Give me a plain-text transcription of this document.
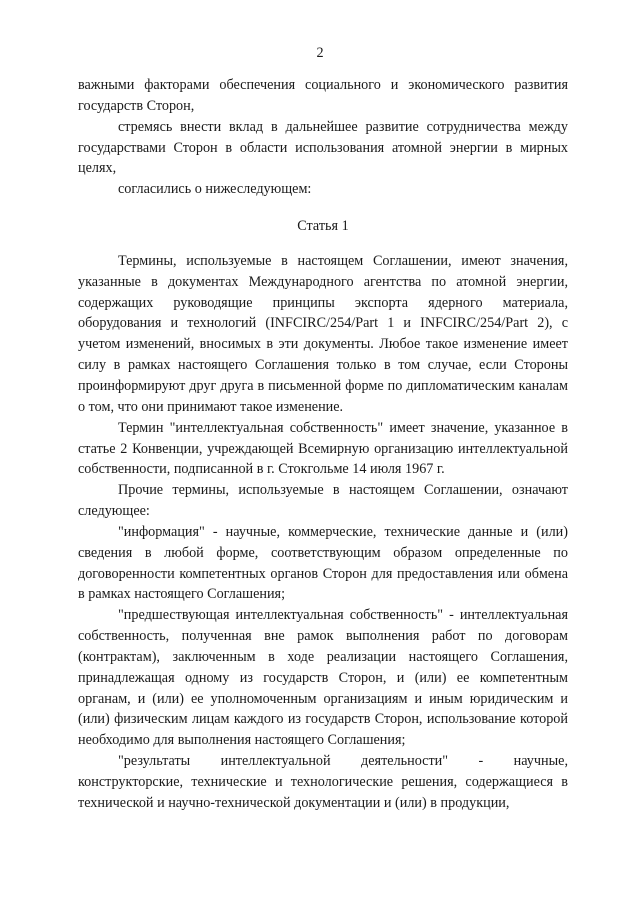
2

важными факторами обеспечения социального и экономического развития государств Сторон,

стремясь внести вклад в дальнейшее развитие сотрудничества между государствами Сторон в области использования атомной энергии в мирных целях,

согласились о нижеследующем:

Статья 1

Термины, используемые в настоящем Соглашении, имеют значения, указанные в документах Международного агентства по атомной энергии, содержащих руководящие принципы экспорта ядерного материала, оборудования и технологий (INFCIRC/254/Part 1 и INFCIRC/254/Part 2), с учетом изменений, вносимых в эти документы. Любое такое изменение имеет силу в рамках настоящего Соглашения только в том случае, если Стороны проинформируют друг друга в письменной форме по дипломатическим каналам о том, что они принимают такое изменение.

Термин "интеллектуальная собственность" имеет значение, указанное в статье 2 Конвенции, учреждающей Всемирную организацию интеллектуальной собственности, подписанной в г. Стокгольме 14 июля 1967 г.

Прочие термины, используемые в настоящем Соглашении, означают следующее:

"информация" - научные, коммерческие, технические данные и (или) сведения в любой форме, соответствующим образом определенные по договоренности компетентных органов Сторон для предоставления или обмена в рамках настоящего Соглашения;

"предшествующая интеллектуальная собственность" - интеллектуальная собственность, полученная вне рамок выполнения работ по договорам (контрактам), заключенным в ходе реализации настоящего Соглашения, принадлежащая одному из государств Сторон, и (или) ее компетентным органам, и (или) ее уполномоченным организациям и иным юридическим и (или) физическим лицам каждого из государств Сторон, использование которой необходимо для выполнения настоящего Соглашения;

"результаты интеллектуальной деятельности" - научные, конструкторские, технические и технологические решения, содержащиеся в технической и научно-технической документации и (или) в продукции,
